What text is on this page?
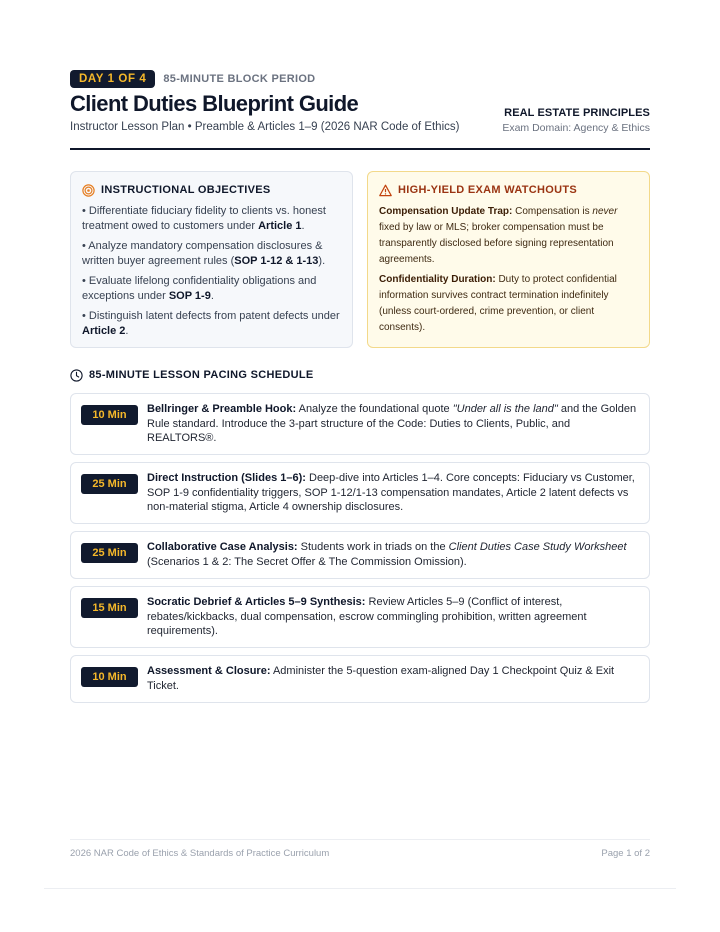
DAY 1 OF 4	85-MINUTE BLOCK PERIOD
Client Duties Blueprint Guide
Instructor Lesson Plan • Preamble & Articles 1–9 (2026 NAR Code of Ethics)
REAL ESTATE PRINCIPLES
Exam Domain: Agency & Ethics
INSTRUCTIONAL OBJECTIVES
• Differentiate fiduciary fidelity to clients vs. honest treatment owed to customers under Article 1.
• Analyze mandatory compensation disclosures & written buyer agreement rules (SOP 1-12 & 1-13).
• Evaluate lifelong confidentiality obligations and exceptions under SOP 1-9.
• Distinguish latent defects from patent defects under Article 2.
HIGH-YIELD EXAM WATCHOUTS
Compensation Update Trap: Compensation is never fixed by law or MLS; broker compensation must be transparently disclosed before signing representation agreements.
Confidentiality Duration: Duty to protect confidential information survives contract termination indefinitely (unless court-ordered, crime prevention, or client consents).
85-MINUTE LESSON PACING SCHEDULE
10 Min	Bellringer & Preamble Hook: Analyze the foundational quote "Under all is the land" and the Golden Rule standard. Introduce the 3-part structure of the Code: Duties to Clients, Public, and REALTORS®.
25 Min	Direct Instruction (Slides 1–6): Deep-dive into Articles 1–4. Core concepts: Fiduciary vs Customer, SOP 1-9 confidentiality triggers, SOP 1-12/1-13 compensation mandates, Article 2 latent defects vs non-material stigma, Article 4 ownership disclosures.
25 Min	Collaborative Case Analysis: Students work in triads on the Client Duties Case Study Worksheet (Scenarios 1 & 2: The Secret Offer & The Commission Omission).
15 Min	Socratic Debrief & Articles 5–9 Synthesis: Review Articles 5–9 (Conflict of interest, rebates/kickbacks, dual compensation, escrow commingling prohibition, written agreement requirements).
10 Min	Assessment & Closure: Administer the 5-question exam-aligned Day 1 Checkpoint Quiz & Exit Ticket.
2026 NAR Code of Ethics & Standards of Practice Curriculum	Page 1 of 2
